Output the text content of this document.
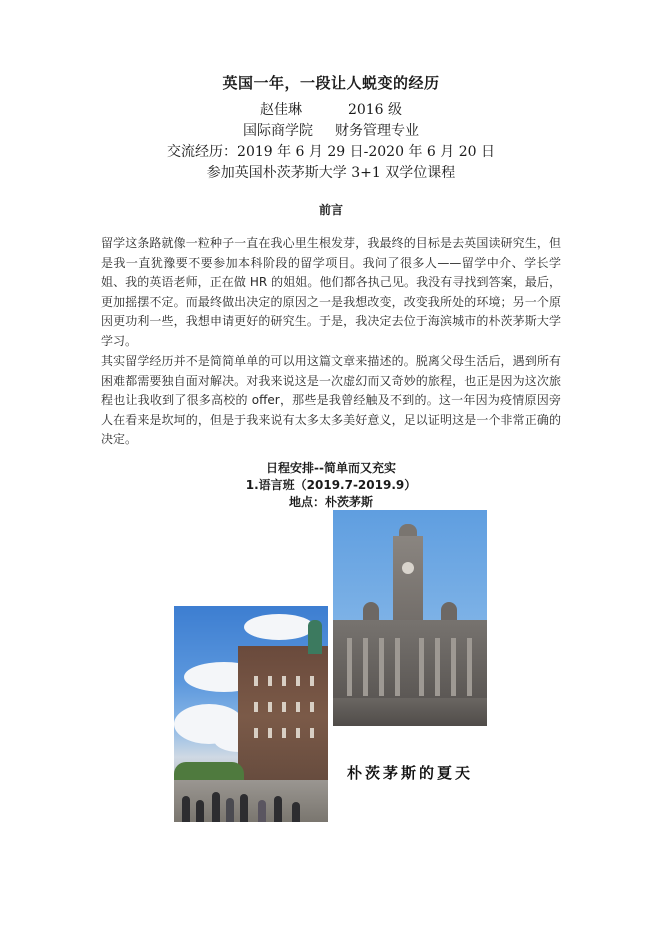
英国一年，一段让人蜕变的经历
赵佳琳	2016 级
国际商学院 财务管理专业
交流经历：2019 年 6 月 29 日-2020 年 6 月 20 日
参加英国朴茨茅斯大学 3+1 双学位课程
前言
留学这条路就像一粒种子一直在我心里生根发芽，我最终的目标是去英国读研究生，但是我一直犹豫要不要参加本科阶段的留学项目。我问了很多人——留学中介、学长学姐、我的英语老师，正在做 HR 的姐姐。他们都各执己见。我没有寻找到答案，最后，更加摇摆不定。而最终做出决定的原因之一是我想改变，改变我所处的环境；另一个原因更功利一些，我想申请更好的研究生。于是，我决定去位于海滨城市的朴茨茅斯大学学习。
其实留学经历并不是简简单单的可以用这篇文章来描述的。脱离父母生活后，遇到所有困难都需要独自面对解决。对我来说这是一次虚幻而又奇妙的旅程，也正是因为这次旅程也让我收到了很多高校的 offer，那些是我曾经触及不到的。这一年因为疫情原因旁人在看来是坎坷的，但是于我来说有太多太多美好意义，足以证明这是一个非常正确的决定。
日程安排--简单而又充实
1.语言班（2019.7-2019.9）
地点：朴茨茅斯
朴茨茅斯的夏天
